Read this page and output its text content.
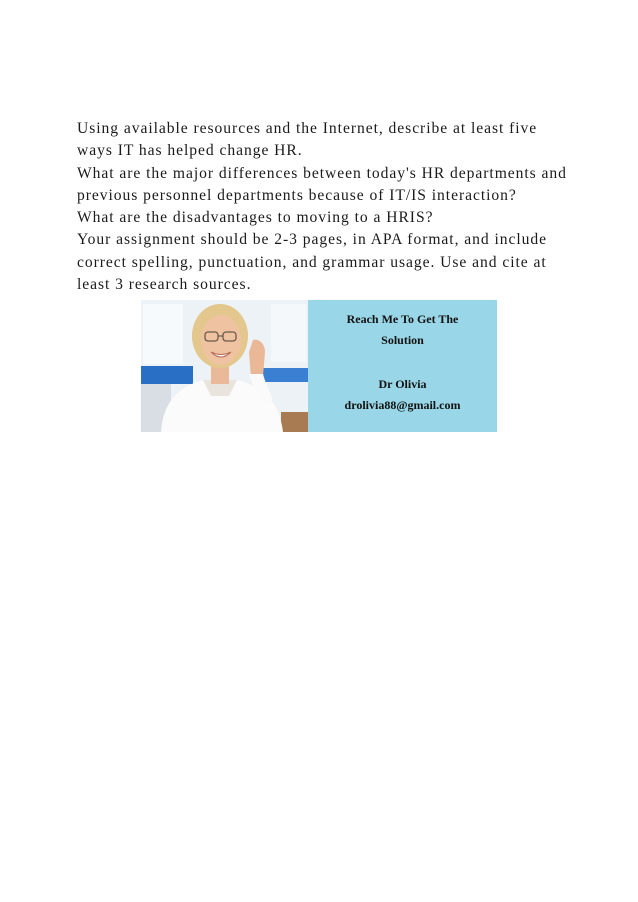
Using available resources and the Internet, describe at least five ways IT has helped change HR.

What are the major differences between today's HR departments and previous personnel departments because of IT/IS interaction?

What are the disadvantages to moving to a HRIS?

Your assignment should be 2-3 pages, in APA format, and include correct spelling, punctuation, and grammar usage. Use and cite at least 3 research sources.

Reach Me To Get The
Solution
Dr Olivia
drolivia88@gmail.com
